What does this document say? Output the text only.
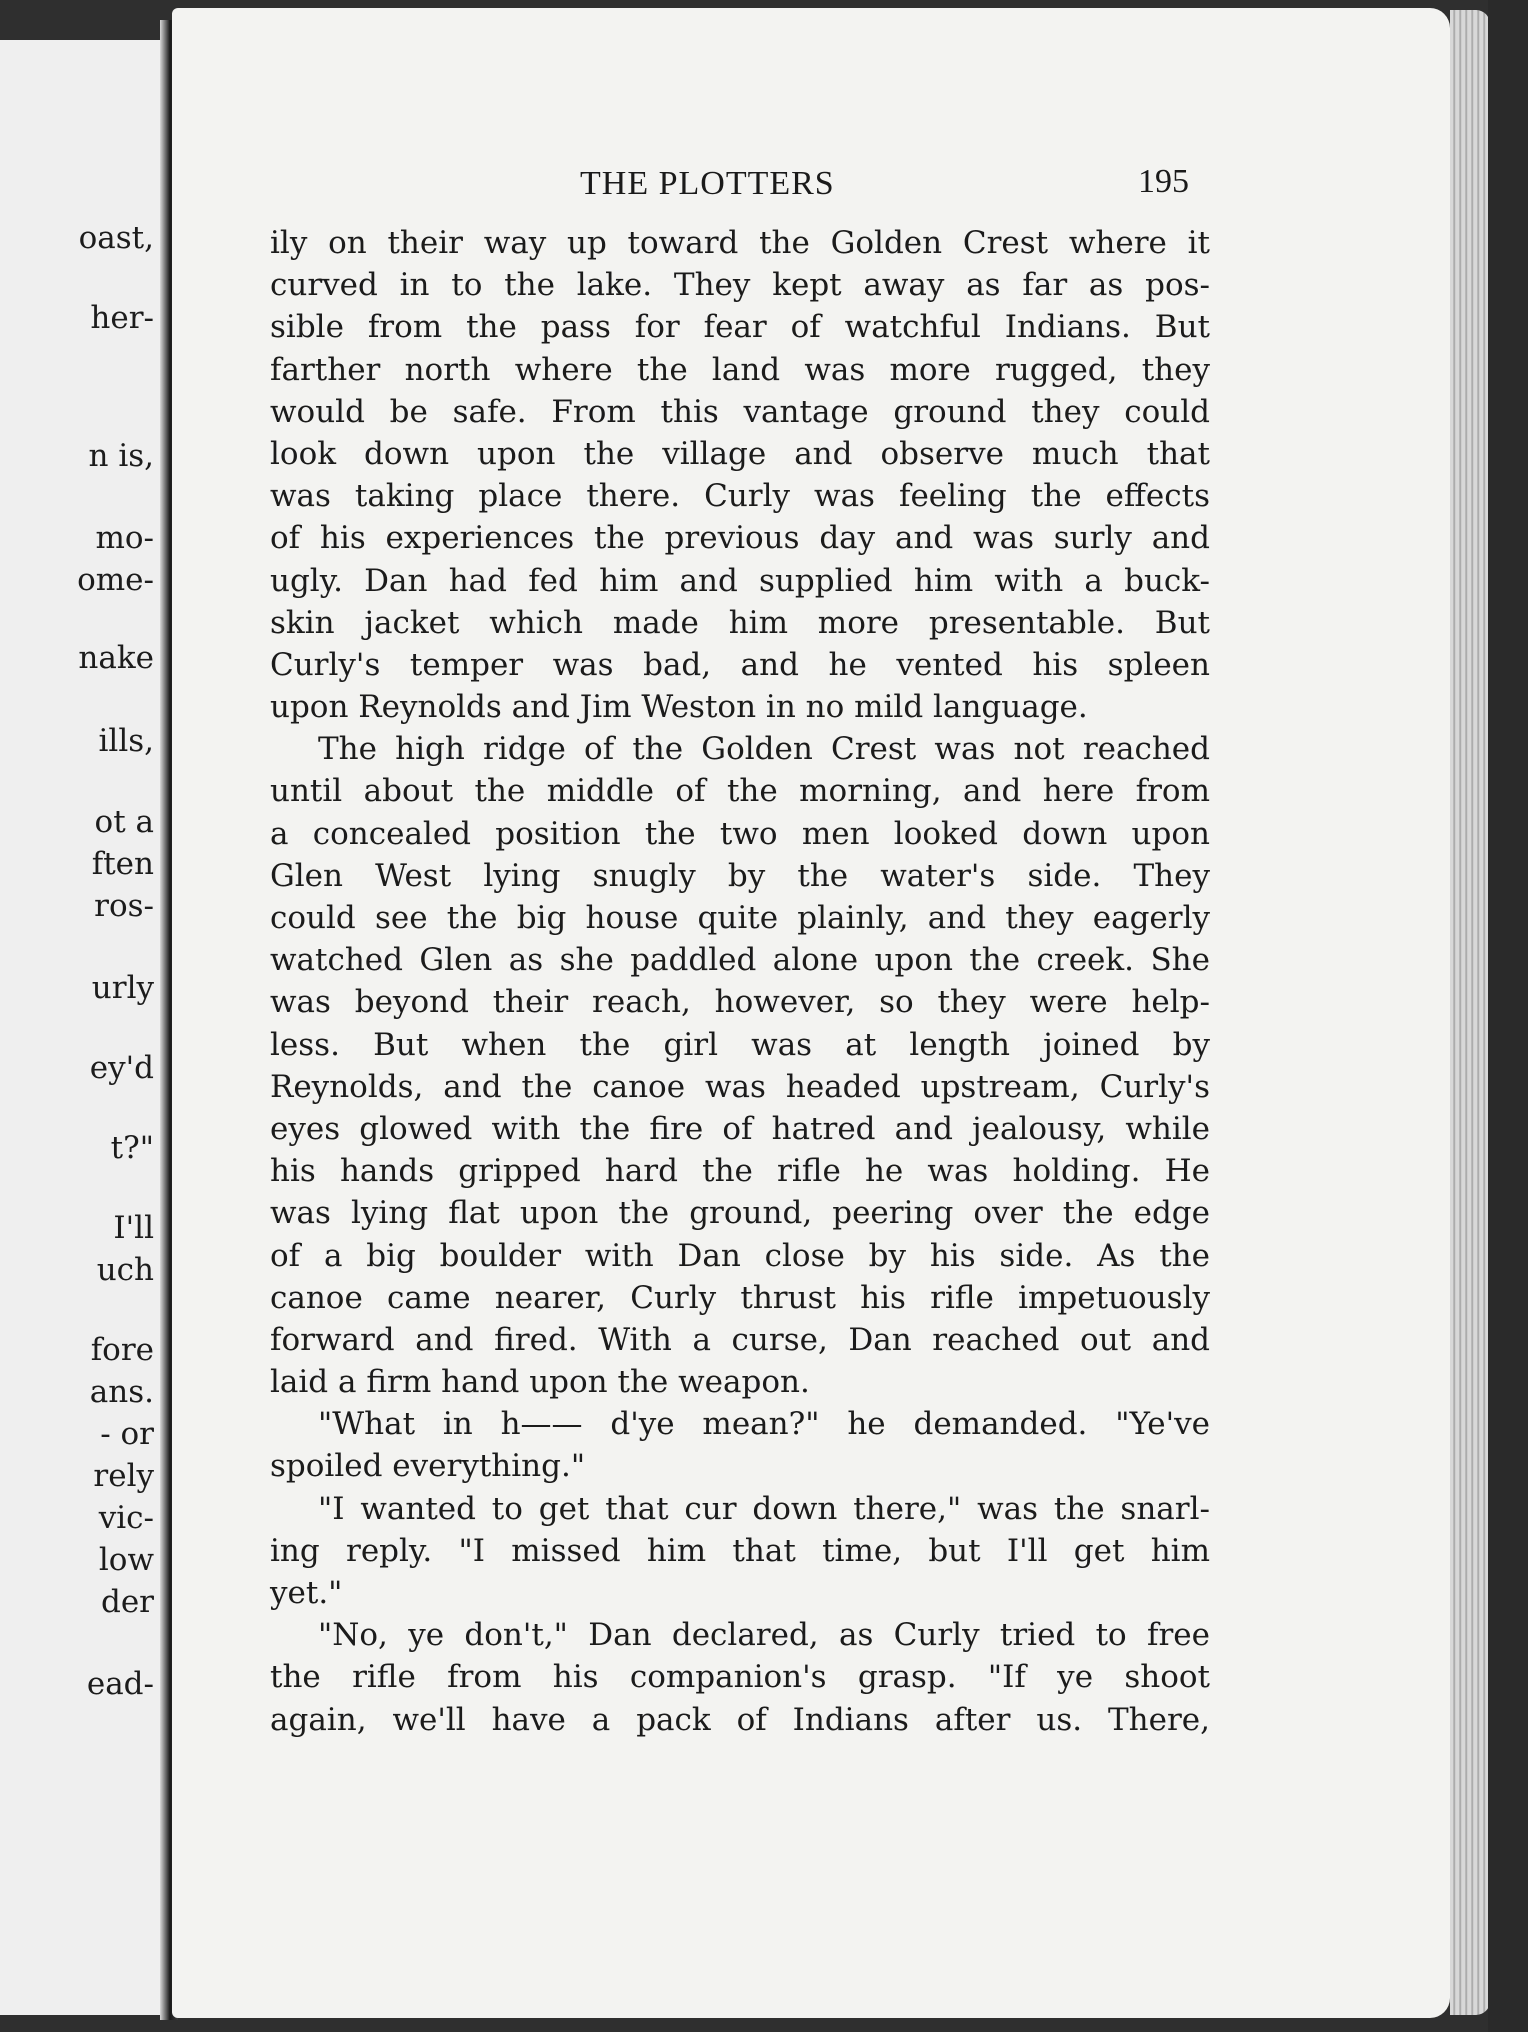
oast,
her-
n is,
mo-
ome-
nake
ills,
ot a
ften
ros-
urly
ey'd
t?"
I'll
uch
fore
ans.
- or
rely
vic-
low
der
ead-
THE PLOTTERS	195
ily on their way up toward the Golden Crest where it
curved in to the lake. They kept away as far as pos-
sible from the pass for fear of watchful Indians. But
farther north where the land was more rugged, they
would be safe. From this vantage ground they could
look down upon the village and observe much that
was taking place there. Curly was feeling the effects
of his experiences the previous day and was surly and
ugly. Dan had fed him and supplied him with a buck-
skin jacket which made him more presentable. But
Curly's temper was bad, and he vented his spleen
upon Reynolds and Jim Weston in no mild language.
The high ridge of the Golden Crest was not reached
until about the middle of the morning, and here from
a concealed position the two men looked down upon
Glen West lying snugly by the water's side. They
could see the big house quite plainly, and they eagerly
watched Glen as she paddled alone upon the creek. She
was beyond their reach, however, so they were help-
less. But when the girl was at length joined by
Reynolds, and the canoe was headed upstream, Curly's
eyes glowed with the fire of hatred and jealousy, while
his hands gripped hard the rifle he was holding. He
was lying flat upon the ground, peering over the edge
of a big boulder with Dan close by his side. As the
canoe came nearer, Curly thrust his rifle impetuously
forward and fired. With a curse, Dan reached out and
laid a firm hand upon the weapon.
"What in h—— d'ye mean?" he demanded. "Ye've
spoiled everything."
"I wanted to get that cur down there," was the snarl-
ing reply. "I missed him that time, but I'll get him
yet."
"No, ye don't," Dan declared, as Curly tried to free
the rifle from his companion's grasp. "If ye shoot
again, we'll have a pack of Indians after us. There,
